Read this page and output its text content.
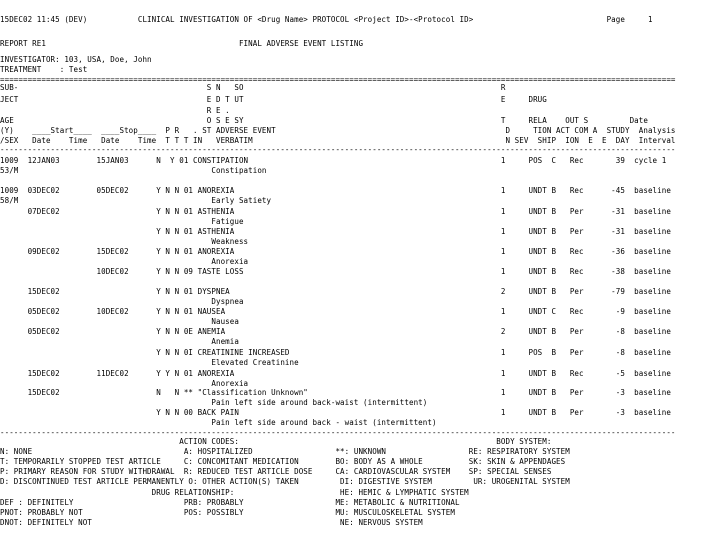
15DEC02 11:45 (DEV)           CLINICAL INVESTIGATION OF <Drug Name> PROTOCOL <Project ID>-<Protocol ID>                             Page     1
REPORT RE1                                          FINAL ADVERSE EVENT LISTING
INVESTIGATOR: 103, USA, Doe, John
TREATMENT    : Test
===================================================================================================================================================
SUB-                                         S N   SO                                                        R
JECT                                         E D T UT                                                        E     DRUG
R E .
AGE                                          O S E SY                                                        T     RELA    OUT S         Date
(Y)    ____Start____  ____Stop____  P R   . ST ADVERSE EVENT                                                  D     TION ACT COM A  STUDY  Analysis
/SEX   Date    Time   Date    Time  T T T IN   VERBATIM                                                       N SEV  SHIP  ION  E  E  DAY  Interval
---------------------------------------------------------------------------------------------------------------------------------------------------
1009  12JAN03        15JAN03      N  Y 01 CONSTIPATION                                                       1     POS  C   Rec       39  cycle 1
53/M                                          Constipation
1009  03DEC02        05DEC02      Y N N 01 ANOREXIA                                                          1     UNDT B   Rec      -45  baseline
58/M                                          Early Satiety
07DEC02                     Y N N 01 ASTHENIA                                                          1     UNDT B   Per      -31  baseline
Fatigue
Y N N 01 ASTHENIA                                                          1     UNDT B   Per      -31  baseline
Weakness
09DEC02        15DEC02      Y N N 01 ANOREXIA                                                          1     UNDT B   Rec      -36  baseline
Anorexia
10DEC02      Y N N 09 TASTE LOSS                                                        1     UNDT B   Rec      -38  baseline
15DEC02                     Y N N 01 DYSPNEA                                                           2     UNDT B   Per      -79  baseline
Dyspnea
05DEC02        10DEC02      Y N N 01 NAUSEA                                                            1     UNDT C   Rec       -9  baseline
Nausea
05DEC02                     Y N N 0E ANEMIA                                                            2     UNDT B   Per       -8  baseline
Anemia
Y N N 0I CREATININE INCREASED                                              1     POS  B   Per       -8  baseline
Elevated Creatinine
15DEC02        11DEC02      Y Y N 01 ANOREXIA                                                          1     UNDT B   Rec       -5  baseline
Anorexia
15DEC02                     N   N ** "Classification Unknown"                                          1     UNDT B   Per       -3  baseline
Pain left side around back-waist (intermittent)
Y N N 00 BACK PAIN                                                         1     UNDT B   Per       -3  baseline
Pain left side around back - waist (intermittent)
---------------------------------------------------------------------------------------------------------------------------------------------------
ACTION CODES:                                                        BODY SYSTEM:
N: NONE                                 A: HOSPITALIZED                  **: UNKNOWN                  RE: RESPIRATORY SYSTEM
T: TEMPORARILY STOPPED TEST ARTICLE     C: CONCOMITANT MEDICATION        BO: BODY AS A WHOLE          SK: SKIN & APPENDAGES
P: PRIMARY REASON FOR STUDY WITHDRAWAL  R: REDUCED TEST ARTICLE DOSE     CA: CARDIOVASCULAR SYSTEM    SP: SPECIAL SENSES
D: DISCONTINUED TEST ARTICLE PERMANENTLY O: OTHER ACTION(S) TAKEN         DI: DIGESTIVE SYSTEM         UR: UROGENITAL SYSTEM
DRUG RELATIONSHIP:                       HE: HEMIC & LYMPHATIC SYSTEM
DEF : DEFINITELY                        PRB: PROBABLY                    ME: METABOLIC & NUTRITIONAL
PNOT: PROBABLY NOT                      POS: POSSIBLY                    MU: MUSCULOSKELETAL SYSTEM
DNOT: DEFINITELY NOT                                                      NE: NERVOUS SYSTEM
